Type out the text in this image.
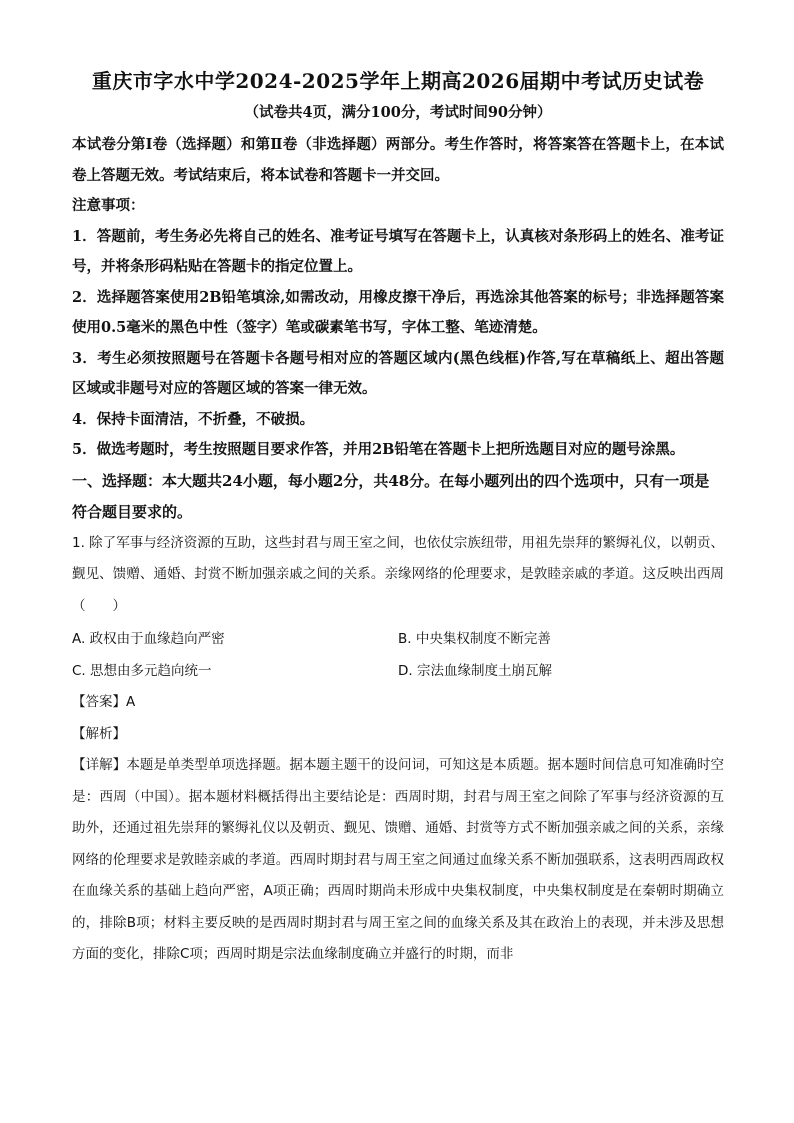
重庆市字水中学2024-2025学年上期高2026届期中考试历史试卷

（试卷共4页，满分100分，考试时间90分钟）

本试卷分第Ⅰ卷（选择题）和第Ⅱ卷（非选择题）两部分。考生作答时，将答案答在答题卡上，在本试卷上答题无效。考试结束后，将本试卷和答题卡一并交回。

注意事项：

1．答题前，考生务必先将自己的姓名、准考证号填写在答题卡上，认真核对条形码上的姓名、准考证号，并将条形码粘贴在答题卡的指定位置上。

2．选择题答案使用2B铅笔填涂,如需改动，用橡皮擦干净后，再选涂其他答案的标号；非选择题答案使用0.5毫米的黑色中性（签字）笔或碳素笔书写，字体工整、笔迹清楚。

3．考生必须按照题号在答题卡各题号相对应的答题区域内(黑色线框)作答,写在草稿纸上、超出答题区域或非题号对应的答题区域的答案一律无效。

4．保持卡面清洁，不折叠，不破损。

5．做选考题时，考生按照题目要求作答，并用2B铅笔在答题卡上把所选题目对应的题号涂黑。

一、选择题：本大题共24小题，每小题2分，共48分。在每小题列出的四个选项中，只有一项是符合题目要求的。

1. 除了军事与经济资源的互助，这些封君与周王室之间，也依仗宗族纽带，用祖先崇拜的繁缛礼仪，以朝贡、觐见、馈赠、通婚、封赏不断加强亲戚之间的关系。亲缘网络的伦理要求，是敦睦亲戚的孝道。这反映出西周（　　）

A. 政权由于血缘趋向严密	B. 中央集权制度不断完善
C. 思想由多元趋向统一	D. 宗法血缘制度土崩瓦解

【答案】A

【解析】

【详解】本题是单类型单项选择题。据本题主题干的设问词，可知这是本质题。据本题时间信息可知准确时空是：西周（中国）。据本题材料概括得出主要结论是：西周时期，封君与周王室之间除了军事与经济资源的互助外，还通过祖先崇拜的繁缛礼仪以及朝贡、觐见、馈赠、通婚、封赏等方式不断加强亲戚之间的关系，亲缘网络的伦理要求是敦睦亲戚的孝道。西周时期封君与周王室之间通过血缘关系不断加强联系，这表明西周政权在血缘关系的基础上趋向严密，A项正确；西周时期尚未形成中央集权制度，中央集权制度是在秦朝时期确立的，排除B项；材料主要反映的是西周时期封君与周王室之间的血缘关系及其在政治上的表现，并未涉及思想方面的变化，排除C项；西周时期是宗法血缘制度确立并盛行的时期，而非
